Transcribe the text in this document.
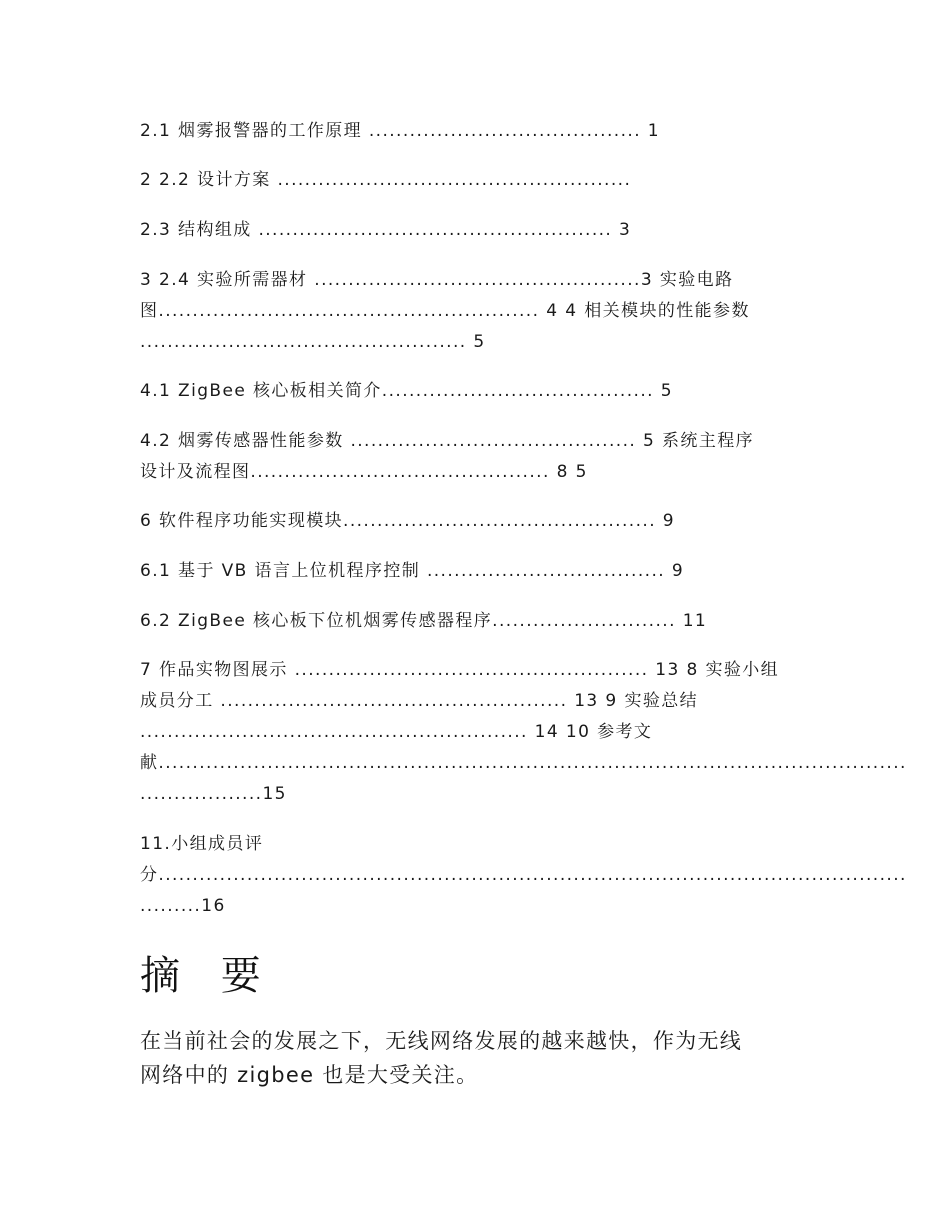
2.1 烟雾报警器的工作原理 ........................................ 1
2 2.2 设计方案 ....................................................
2.3 结构组成 .................................................... 3
3 2.4 实验所需器材 ................................................3 实验电路
图........................................................ 4 4 相关模块的性能参数
................................................ 5
4.1 ZigBee 核心板相关简介........................................ 5
4.2 烟雾传感器性能参数 .......................................... 5 系统主程序
设计及流程图............................................ 8 5
6 软件程序功能实现模块.............................................. 9
6.1 基于 VB 语言上位机程序控制 ................................... 9
6.2 ZigBee 核心板下位机烟雾传感器程序........................... 11
7 作品实物图展示 .................................................... 13 8 实验小组
成员分工 ................................................... 13 9 实验总结
......................................................... 14 10 参考文
献..............................................................................................................
..................15
11.小组成员评
分..............................................................................................................
.........16
摘 要
在当前社会的发展之下，无线网络发展的越来越快，作为无线
网络中的 zigbee 也是大受关注。
